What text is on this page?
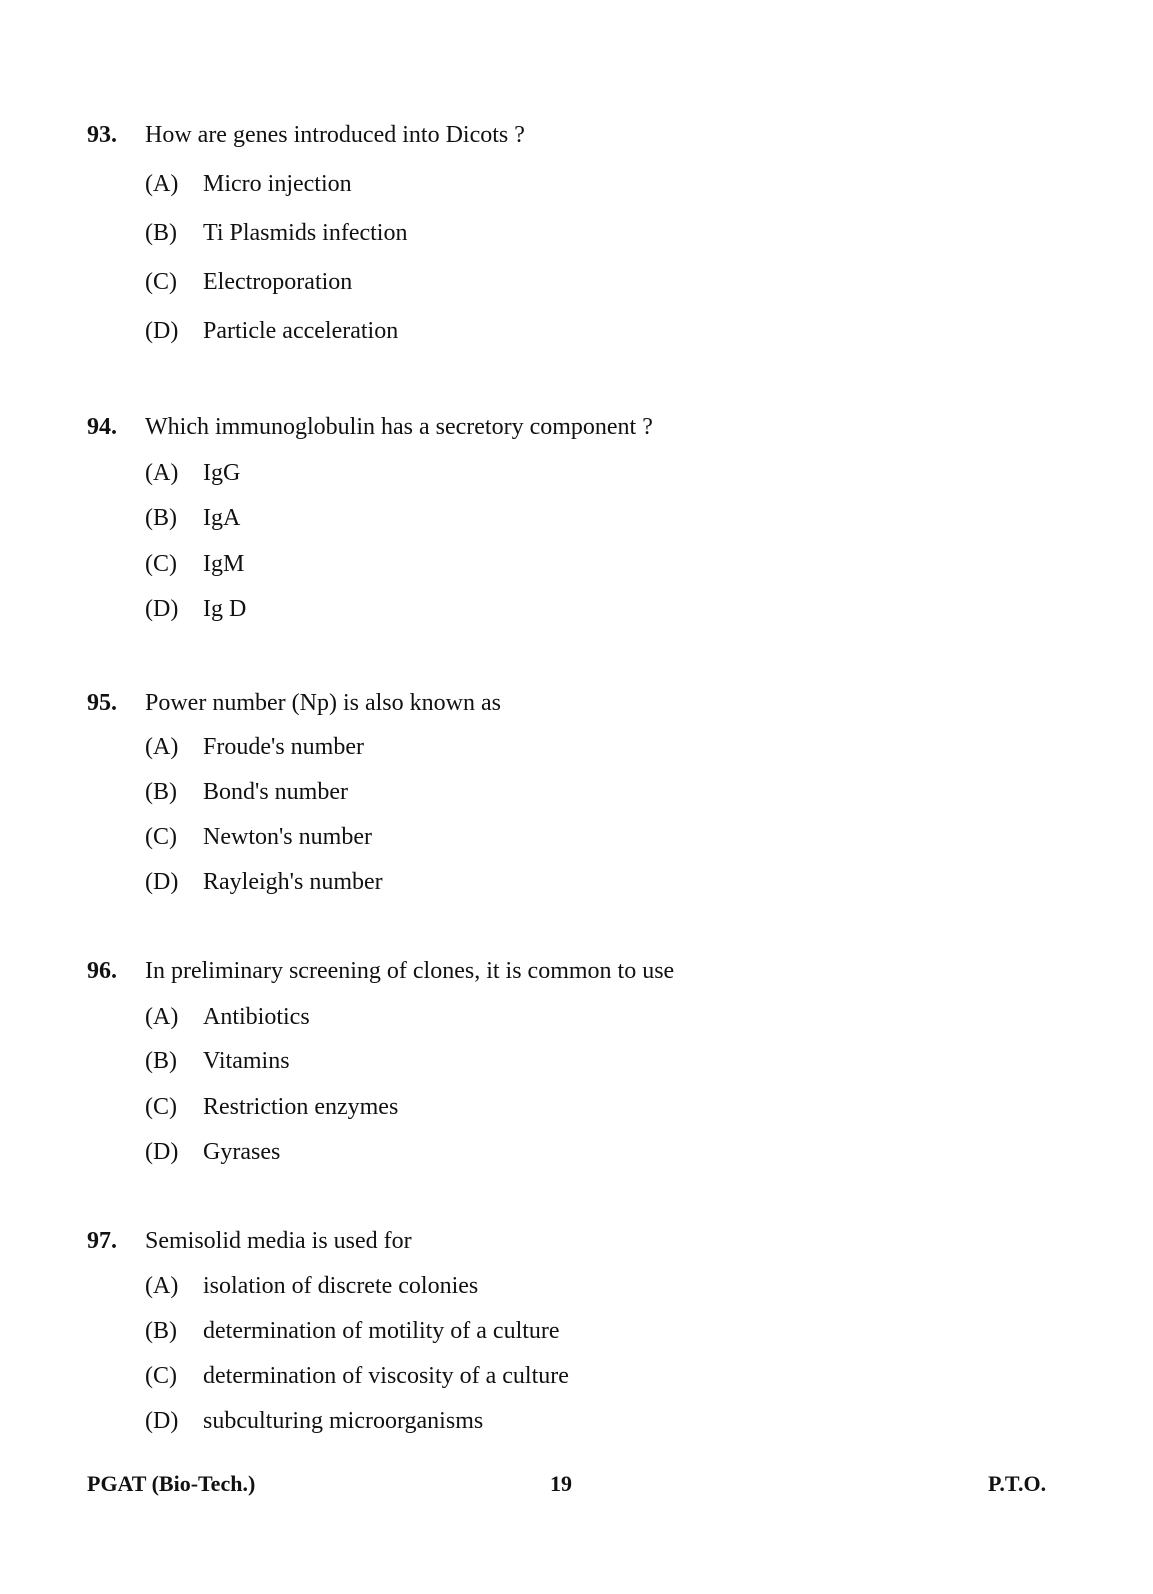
93. How are genes introduced into Dicots ?
(A) Micro injection
(B) Ti Plasmids infection
(C) Electroporation
(D) Particle acceleration
94. Which immunoglobulin has a secretory component ?
(A) IgG
(B) IgA
(C) IgM
(D) Ig D
95. Power number (Np) is also known as
(A) Froude's number
(B) Bond's number
(C) Newton's number
(D) Rayleigh's number
96. In preliminary screening of clones, it is common to use
(A) Antibiotics
(B) Vitamins
(C) Restriction enzymes
(D) Gyrases
97. Semisolid media is used for
(A) isolation of discrete colonies
(B) determination of motility of a culture
(C) determination of viscosity of a culture
(D) subculturing microorganisms
PGAT (Bio-Tech.)	19	P.T.O.
